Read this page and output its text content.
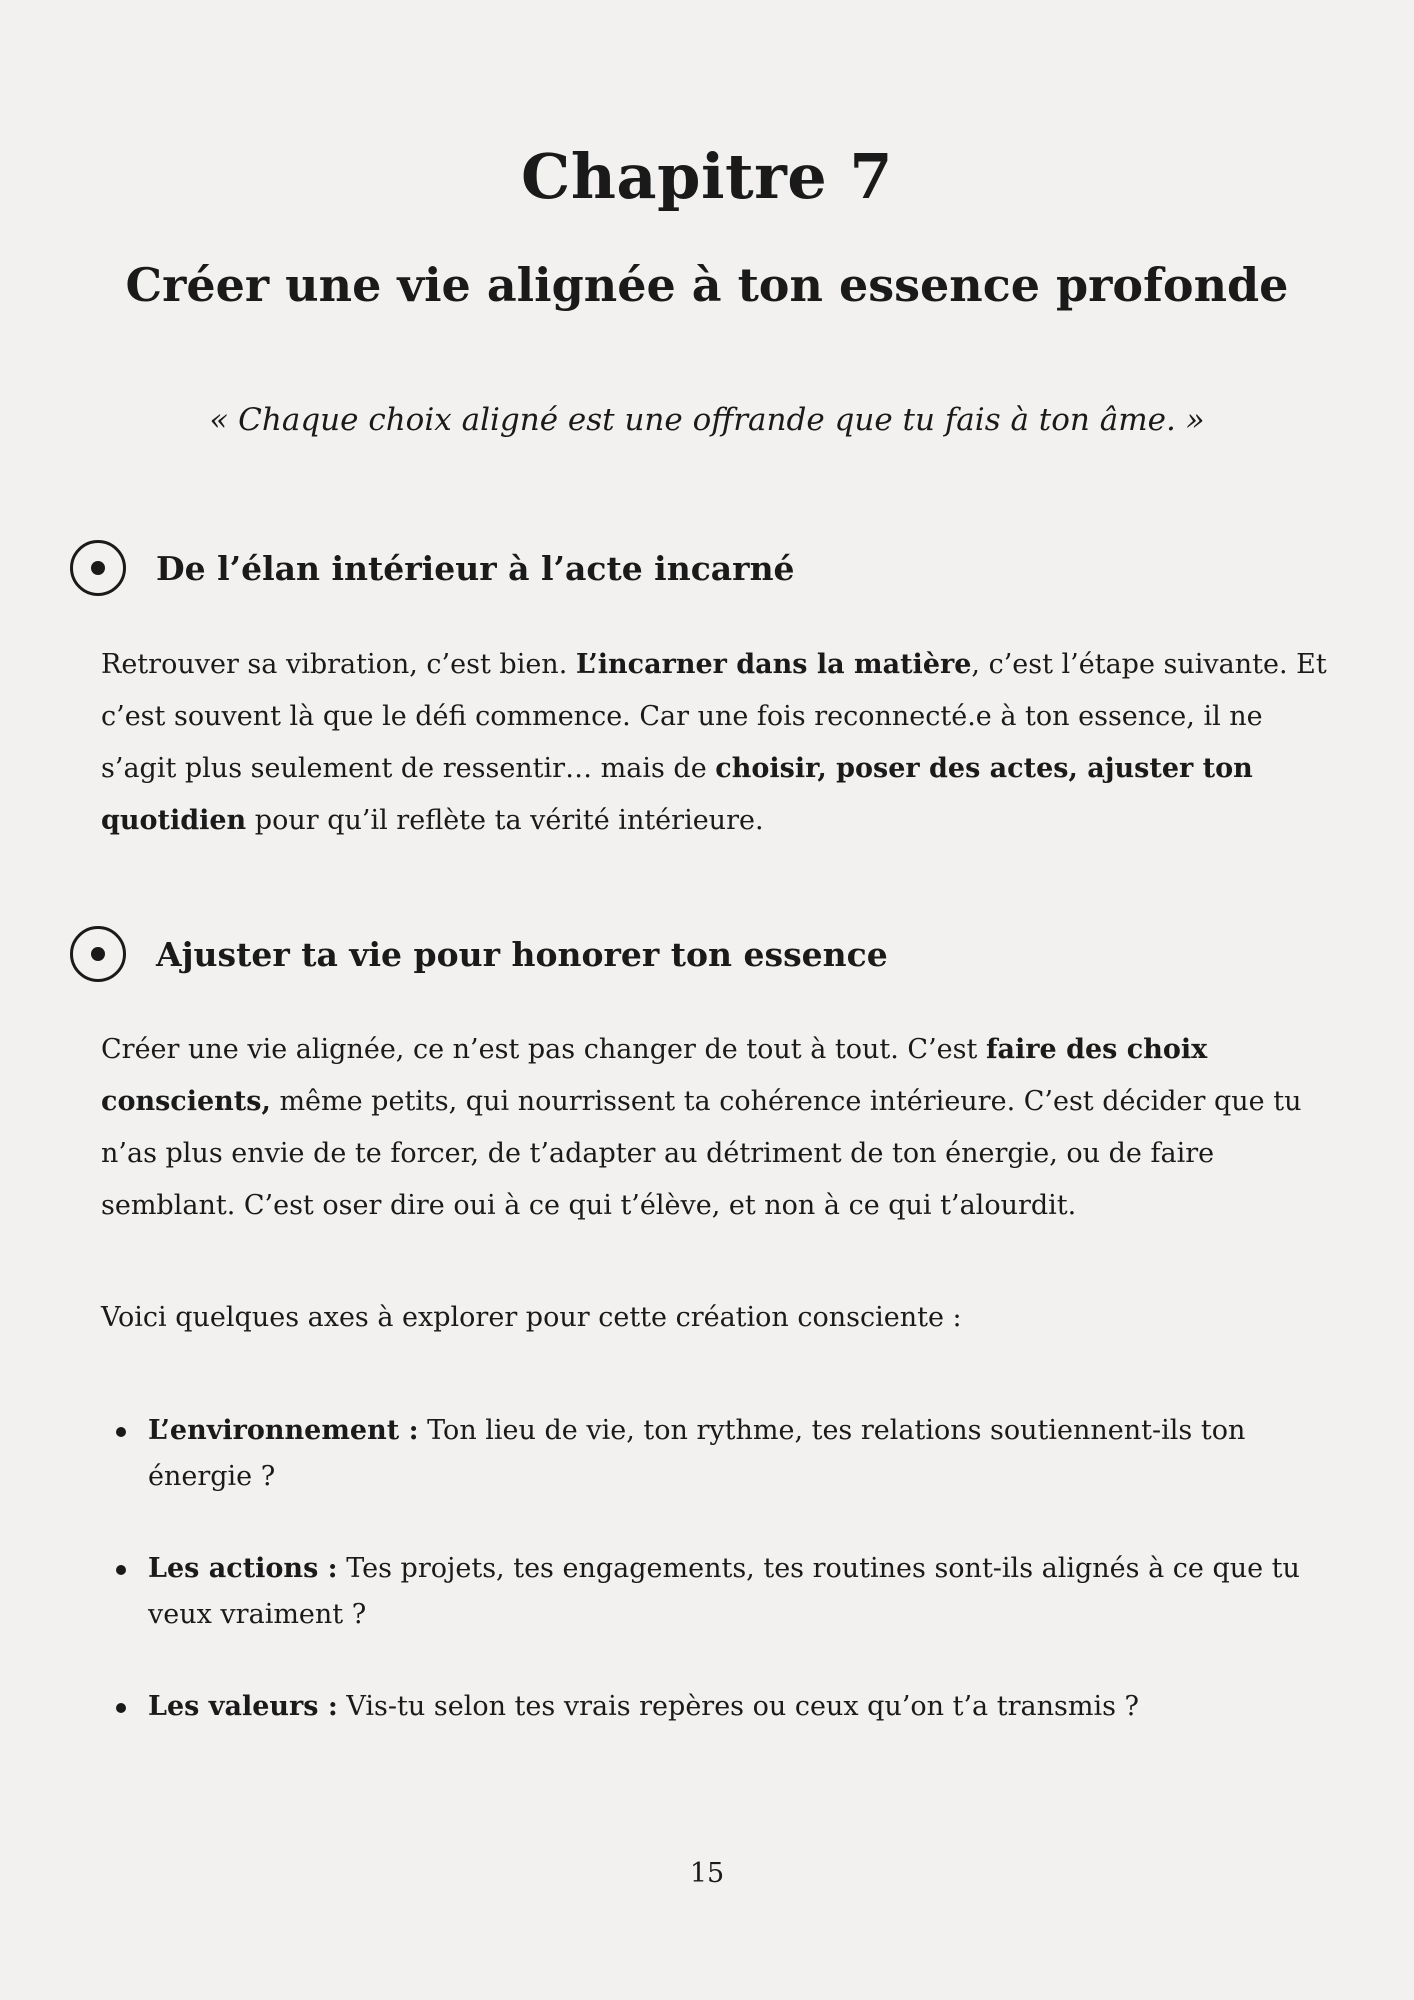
Chapitre 7
Créer une vie alignée à ton essence profonde

« Chaque choix aligné est une offrande que tu fais à ton âme. »

De l’élan intérieur à l’acte incarné

Retrouver sa vibration, c’est bien. L’incarner dans la matière, c’est l’étape suivante. Et c’est souvent là que le défi commence. Car une fois reconnecté.e à ton essence, il ne s’agit plus seulement de ressentir… mais de choisir, poser des actes, ajuster ton quotidien pour qu’il reflète ta vérité intérieure.

Ajuster ta vie pour honorer ton essence

Créer une vie alignée, ce n’est pas changer de tout à tout. C’est faire des choix conscients, même petits, qui nourrissent ta cohérence intérieure. C’est décider que tu n’as plus envie de te forcer, de t’adapter au détriment de ton énergie, ou de faire semblant. C’est oser dire oui à ce qui t’élève, et non à ce qui t’alourdit.

Voici quelques axes à explorer pour cette création consciente :

L’environnement : Ton lieu de vie, ton rythme, tes relations soutiennent-ils ton énergie ?
Les actions : Tes projets, tes engagements, tes routines sont-ils alignés à ce que tu veux vraiment ?
Les valeurs : Vis-tu selon tes vrais repères ou ceux qu’on t’a transmis ?

15
